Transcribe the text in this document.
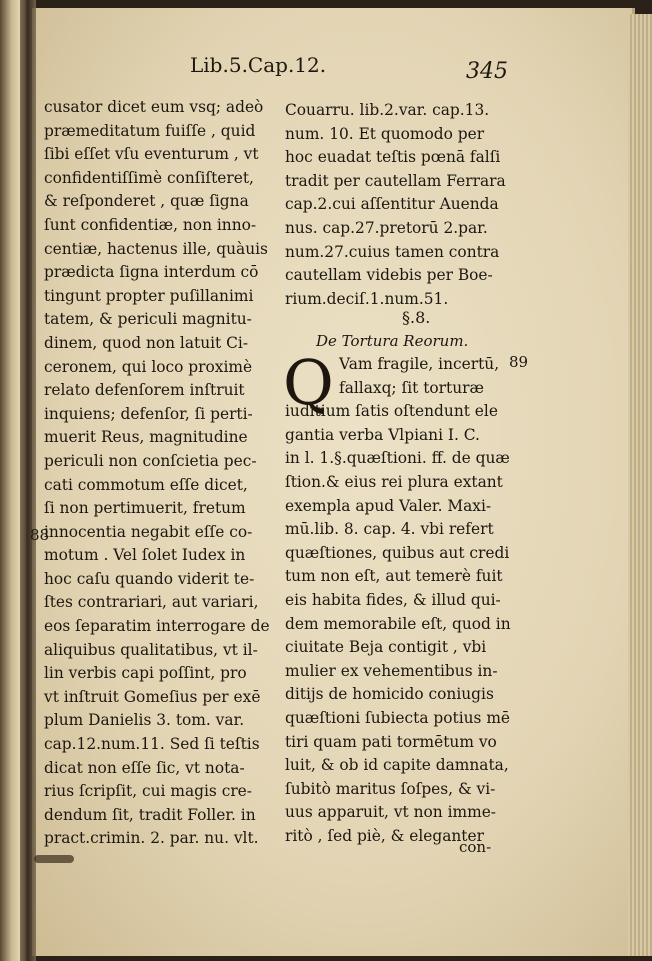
Lib.5.Cap.12.	345
cusator dicet eum vsq; adeò
præmeditatum fuiſſe , quid
ſibi eſſet vſu eventurum , vt
confidentiſſimè conſiſteret,
& reſponderet , quæ ſigna
ſunt confidentiæ, non inno-
centiæ, hactenus ille, quàuis
prædicta ſigna interdum cō
tingunt propter puſillanimi
tatem, & periculi magnitu-
dinem, quod non latuit Ci-
ceronem, qui loco proximè
relato defenſorem inſtruit
inquiens; defenſor, ſi perti-
muerit Reus, magnitudine
periculi non conſcietia pec-
cati commotum eſſe dicet,
ſi non pertimuerit, fretum
innocentia negabit eſſe co-
motum . Vel ſolet Iudex in
hoc caſu quando viderit te-
ſtes contrariari, aut variari,
eos ſeparatim interrogare de
aliquibus qualitatibus, vt il-
lin verbis capi poſſint, pro
vt inſtruit Gomeſius per exē
plum Danielis 3. tom. var.
cap.12.num.11. Sed ſi teſtis
dicat non eſſe ſic, vt nota-
rius ſcripſit, cui magis cre-
dendum ſit, tradit Foller. in
pract.crimin. 2. par. nu. vlt.
Couarru. lib.2.var. cap.13.
num. 10. Et quomodo per
hoc euadat teſtis pœnā falſi
tradit per cautellam Ferrara
cap.2.cui aſſentitur Auenda
nus. cap.27.pretorū 2.par.
num.27.cuius tamen contra
cautellam videbis per Boe-
rium.deciſ.1.num.51.
§.8.
De Tortura Reorum.
Q Vam fragile, incertū,
fallaxq; ſit torturæ
iuditium ſatis oſtendunt ele
gantia verba Vlpiani I. C.
in l. 1.§.quæſtioni. ff. de quæ
ſtion.& eius rei plura extant
exempla apud Valer. Maxi-
mū.lib. 8. cap. 4. vbi refert
quæſtiones, quibus aut credi
tum non eſt, aut temerè fuit
eis habita fides, & illud qui-
dem memorabile eſt, quod in
ciuitate Beja contigit , vbi
mulier ex vehementibus in-
ditijs de homicido coniugis
quæſtioni ſubiecta potius mē
tiri quam pati tormētum vo
luit, & ob id capite damnata,
ſubitò maritus ſoſpes, & vi-
uus apparuit, vt non imme-
ritò , ſed piè, & eleganter
88
89
con-
